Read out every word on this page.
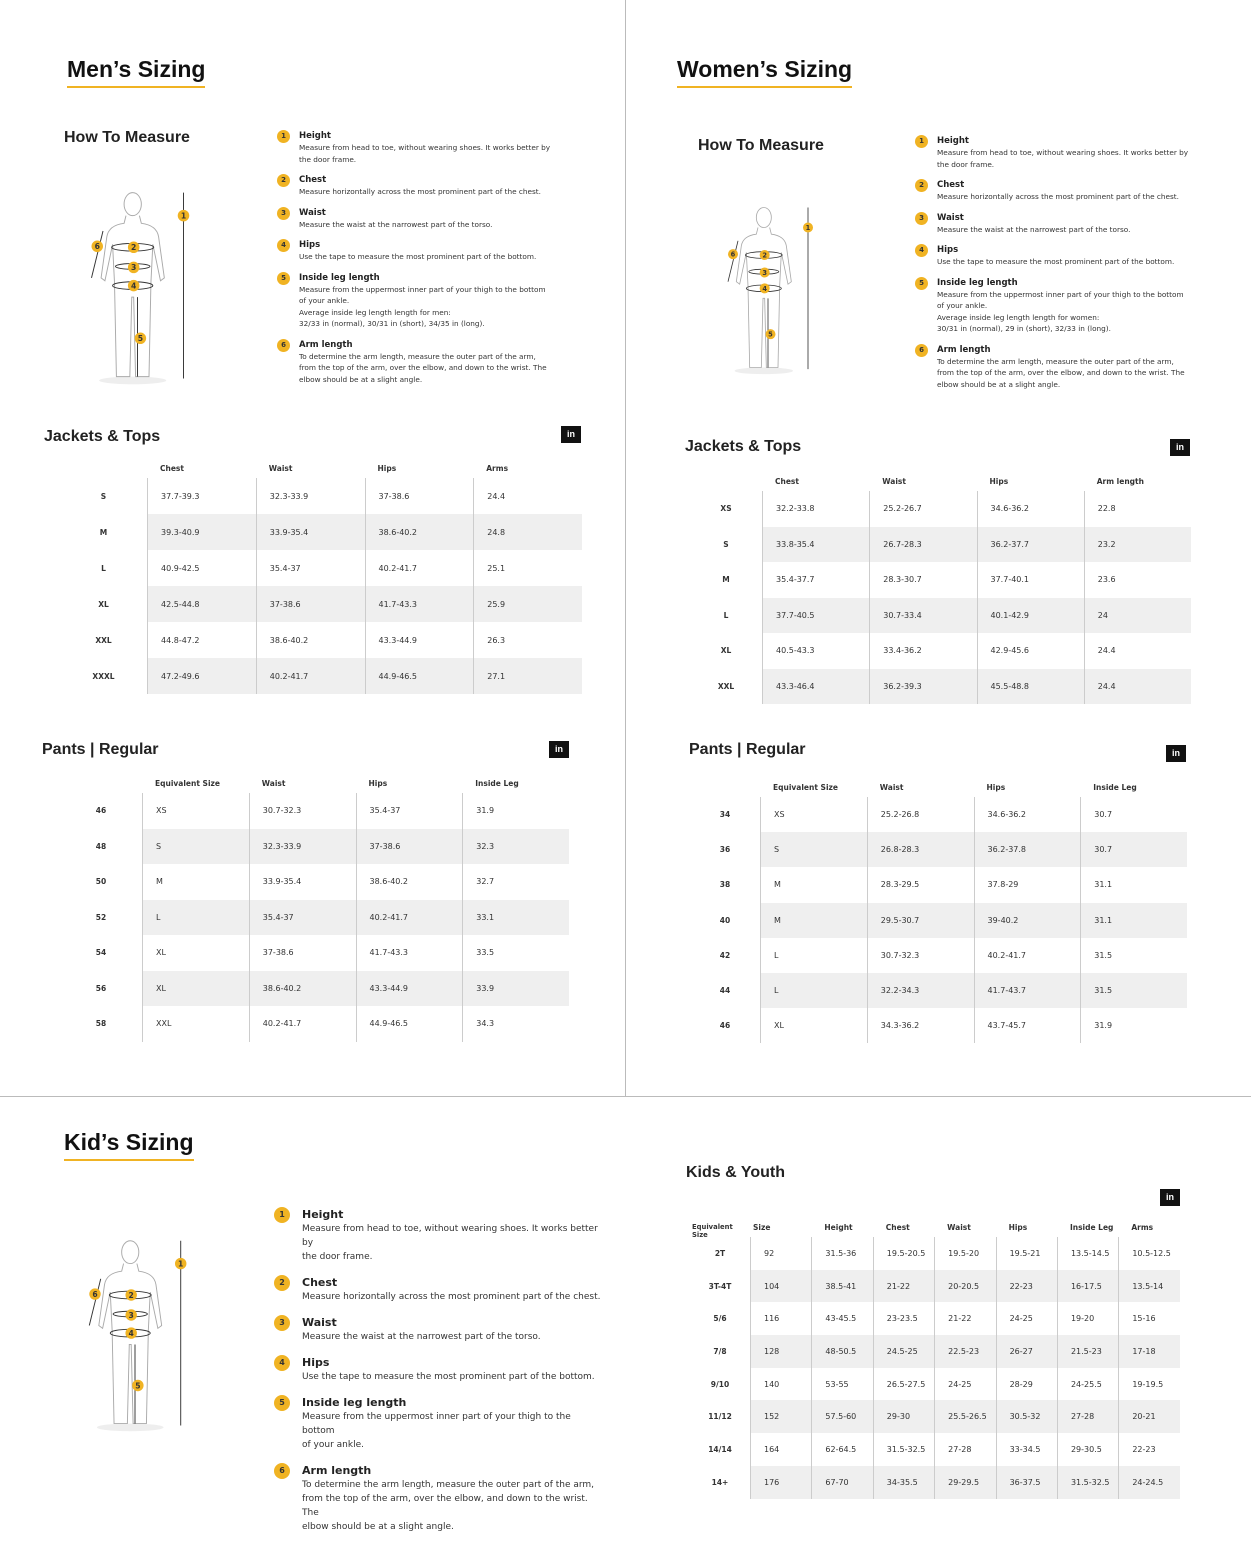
Men’s Sizing
How To Measure
1
2
3
4
5
6
1	Height
Measure from head to toe, without wearing shoes. It works better by
the door frame.
2	Chest
Measure horizontally across the most prominent part of the chest.
3	Waist
Measure the waist at the narrowest part of the torso.
4	Hips
Use the tape to measure the most prominent part of the bottom.
5	Inside leg length
Measure from the uppermost inner part of your thigh to the bottom
of your ankle.
Average inside leg length length for men:
32/33 in (normal), 30/31 in (short), 34/35 in (long).
6	Arm length
To determine the arm length, measure the outer part of the arm,
from the top of the arm, over the elbow, and down to the wrist. The
elbow should be at a slight angle.
Jackets & Tops	in
Chest	Waist	Hips	Arms
S	37.7-39.3	32.3-33.9	37-38.6	24.4
M	39.3-40.9	33.9-35.4	38.6-40.2	24.8
L	40.9-42.5	35.4-37	40.2-41.7	25.1
XL	42.5-44.8	37-38.6	41.7-43.3	25.9
XXL	44.8-47.2	38.6-40.2	43.3-44.9	26.3
XXXL	47.2-49.6	40.2-41.7	44.9-46.5	27.1
Pants | Regular	in
Equivalent Size	Waist	Hips	Inside Leg
46	XS	30.7-32.3	35.4-37	31.9
48	S	32.3-33.9	37-38.6	32.3
50	M	33.9-35.4	38.6-40.2	32.7
52	L	35.4-37	40.2-41.7	33.1
54	XL	37-38.6	41.7-43.3	33.5
56	XL	38.6-40.2	43.3-44.9	33.9
58	XXL	40.2-41.7	44.9-46.5	34.3
Women’s Sizing
How To Measure
1
2
3
4
5
6
1	Height
Measure from head to toe, without wearing shoes. It works better by
the door frame.
2	Chest
Measure horizontally across the most prominent part of the chest.
3	Waist
Measure the waist at the narrowest part of the torso.
4	Hips
Use the tape to measure the most prominent part of the bottom.
5	Inside leg length
Measure from the uppermost inner part of your thigh to the bottom
of your ankle.
Average inside leg length length for women:
30/31 in (normal), 29 in (short), 32/33 in (long).
6	Arm length
To determine the arm length, measure the outer part of the arm,
from the top of the arm, over the elbow, and down to the wrist. The
elbow should be at a slight angle.
Jackets & Tops	in
Chest	Waist	Hips	Arm length
XS	32.2-33.8	25.2-26.7	34.6-36.2	22.8
S	33.8-35.4	26.7-28.3	36.2-37.7	23.2
M	35.4-37.7	28.3-30.7	37.7-40.1	23.6
L	37.7-40.5	30.7-33.4	40.1-42.9	24
XL	40.5-43.3	33.4-36.2	42.9-45.6	24.4
XXL	43.3-46.4	36.2-39.3	45.5-48.8	24.4
Pants | Regular	in
Equivalent Size	Waist	Hips	Inside Leg
34	XS	25.2-26.8	34.6-36.2	30.7
36	S	26.8-28.3	36.2-37.8	30.7
38	M	28.3-29.5	37.8-29	31.1
40	M	29.5-30.7	39-40.2	31.1
42	L	30.7-32.3	40.2-41.7	31.5
44	L	32.2-34.3	41.7-43.7	31.5
46	XL	34.3-36.2	43.7-45.7	31.9
Kid’s Sizing
1
2
3
4
5
6
1	Height
Measure from head to toe, without wearing shoes. It works better by
the door frame.
2	Chest
Measure horizontally across the most prominent part of the chest.
3	Waist
Measure the waist at the narrowest part of the torso.
4	Hips
Use the tape to measure the most prominent part of the bottom.
5	Inside leg length
Measure from the uppermost inner part of your thigh to the bottom
of your ankle.
6	Arm length
To determine the arm length, measure the outer part of the arm,
from the top of the arm, over the elbow, and down to the wrist. The
elbow should be at a slight angle.
Kids & Youth
in
Equivalent Size
Size	Height	Chest	Waist	Hips	Inside Leg	Arms
2T	92	31.5-36	19.5-20.5	19.5-20	19.5-21	13.5-14.5	10.5-12.5
3T-4T	104	38.5-41	21-22	20-20.5	22-23	16-17.5	13.5-14
5/6	116	43-45.5	23-23.5	21-22	24-25	19-20	15-16
7/8	128	48-50.5	24.5-25	22.5-23	26-27	21.5-23	17-18
9/10	140	53-55	26.5-27.5	24-25	28-29	24-25.5	19-19.5
11/12	152	57.5-60	29-30	25.5-26.5	30.5-32	27-28	20-21
14/14	164	62-64.5	31.5-32.5	27-28	33-34.5	29-30.5	22-23
14+	176	67-70	34-35.5	29-29.5	36-37.5	31.5-32.5	24-24.5
